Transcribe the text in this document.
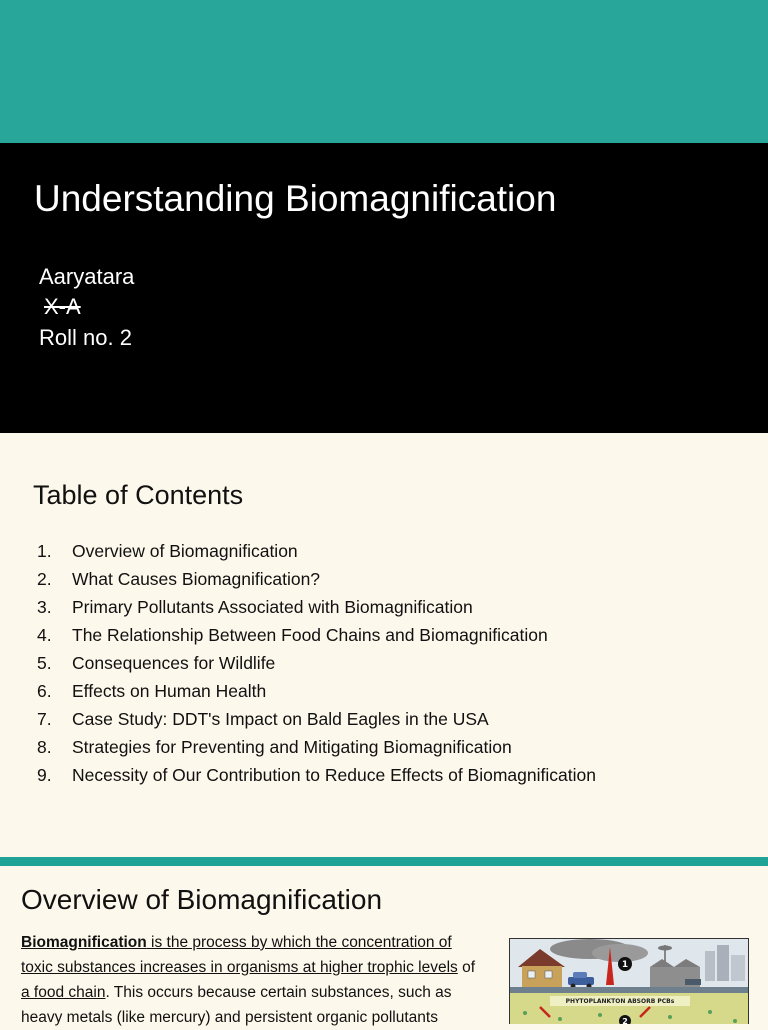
Understanding Biomagnification
Aaryatara
X-A
Roll no. 2
Table of Contents
1.	Overview of Biomagnification
2.	What Causes Biomagnification?
3.	Primary Pollutants Associated with Biomagnification
4.	The Relationship Between Food Chains and Biomagnification
5.	Consequences for Wildlife
6.	Effects on Human Health
7.	Case Study: DDT's Impact on Bald Eagles in the USA
8.	Strategies for Preventing and Mitigating Biomagnification
9.	Necessity of Our Contribution to Reduce Effects of Biomagnification
Overview of Biomagnification

Biomagnification is the process by which the concentration of
toxic substances increases in organisms at higher trophic levels of
a food chain. This occurs because certain substances, such as
heavy metals (like mercury) and persistent organic pollutants

1
PHYTOPLANKTON ABSORB PCBs
2
